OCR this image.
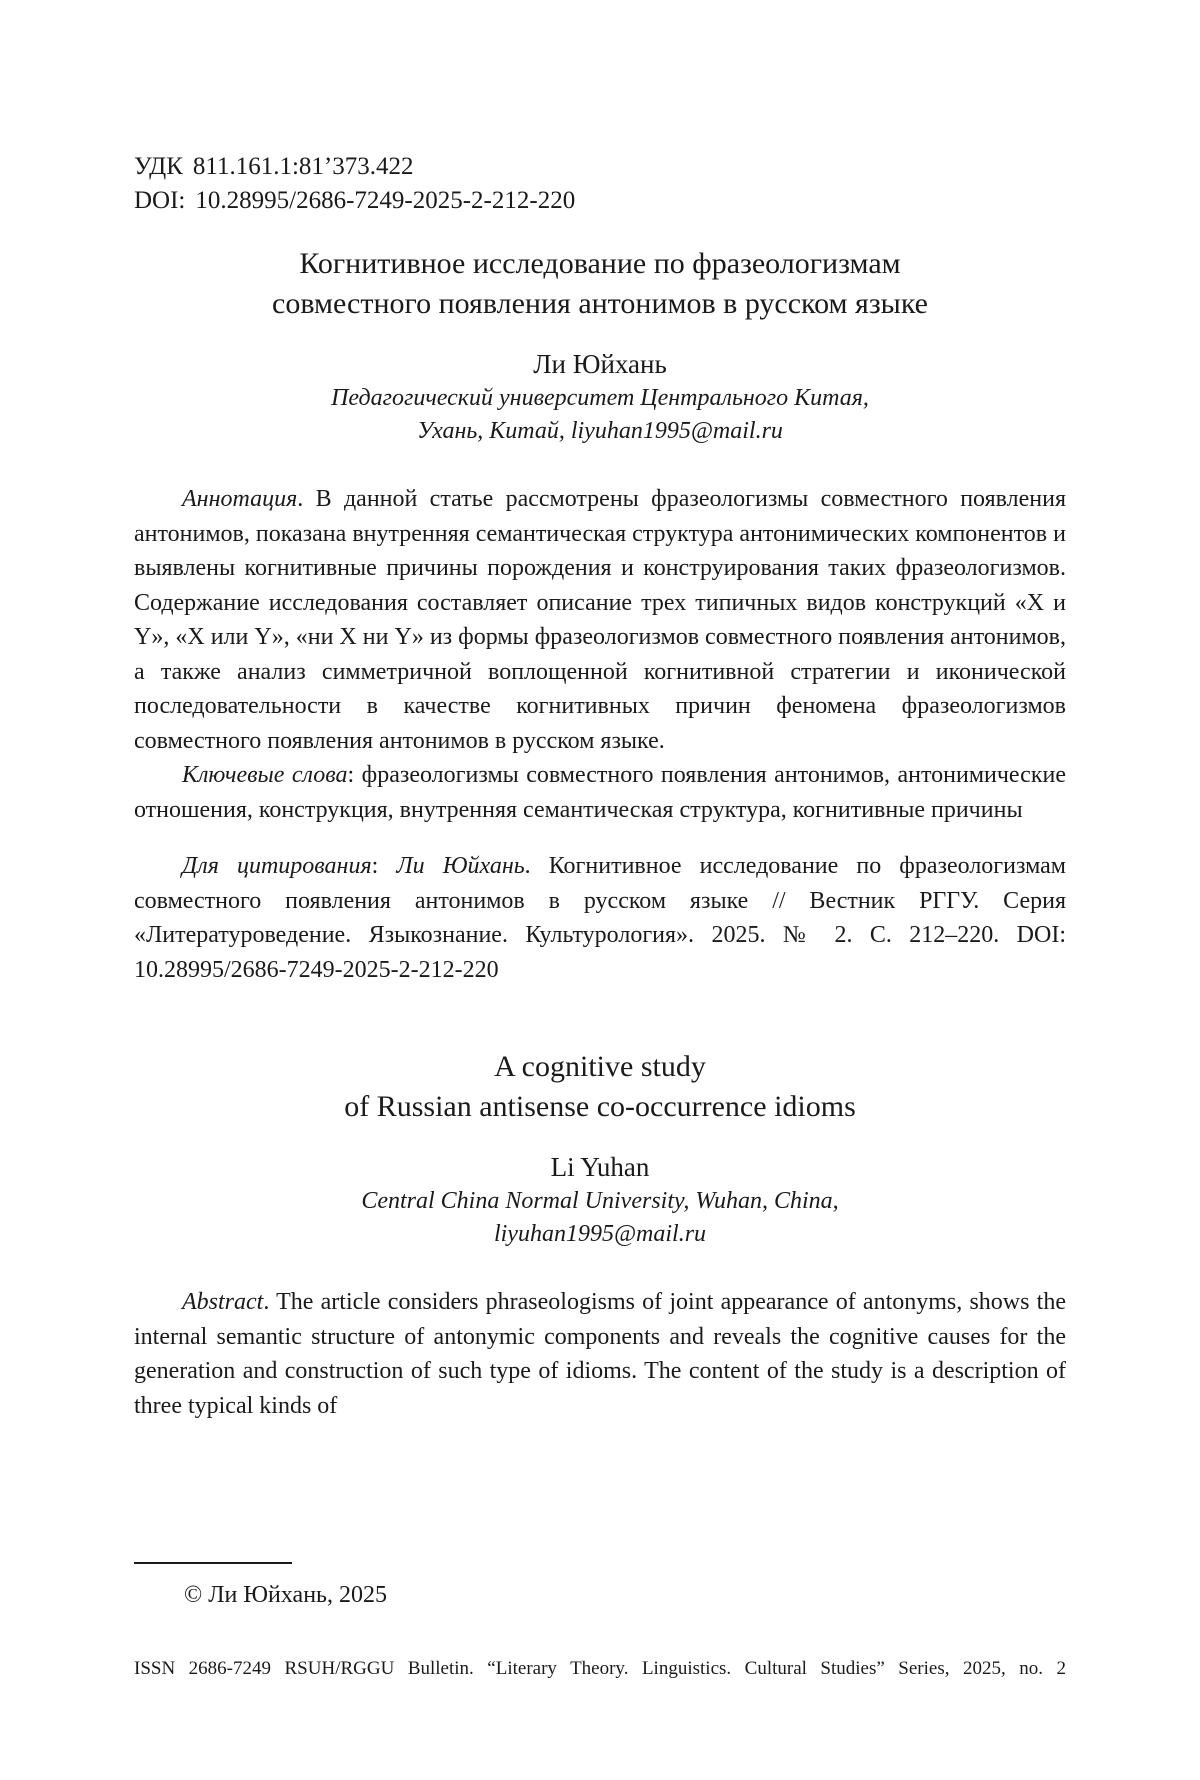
УДК 811.161.1:81’373.422
DOI: 10.28995/2686-7249-2025-2-212-220
Когнитивное исследование по фразеологизмам
совместного появления антонимов в русском языке
Ли Юйхань
Педагогический университет Центрального Китая,
Ухань, Китай, liyuhan1995@mail.ru

Аннотация. В данной статье рассмотрены фразеологизмы совместного появления антонимов, показана внутренняя семантическая структура антонимических компонентов и выявлены когнитивные причины порождения и конструирования таких фразеологизмов. Содержание исследования составляет описание трех типичных видов конструкций «X и Y», «X или Y», «ни X ни Y» из формы фразеологизмов совместного появления антонимов, а также анализ симметричной воплощенной когнитивной стратегии и иконической последовательности в качестве когнитивных причин феномена фразеологизмов совместного появления антонимов в русском языке.

Ключевые слова: фразеологизмы совместного появления антонимов, антонимические отношения, конструкция, внутренняя семантическая структура, когнитивные причины

Для цитирования: Ли Юйхань. Когнитивное исследование по фразеологизмам совместного появления антонимов в русском языке // Вестник РГГУ. Серия «Литературоведение. Языкознание. Культурология». 2025. № 2. С. 212–220. DOI: 10.28995/2686-7249-2025-2-212-220

A cognitive study
of Russian antisense co-occurrence idioms
Li Yuhan
Central China Normal University, Wuhan, China,
liyuhan1995@mail.ru

Abstract. The article considers phraseologisms of joint appearance of antonyms, shows the internal semantic structure of antonymic components and reveals the cognitive causes for the generation and construction of such type of idioms. The content of the study is a description of three typical kinds of

© Ли Юйхань, 2025
ISSN 2686-7249 RSUH/RGGU Bulletin. “Literary Theory. Linguistics. Cultural Studies” Series, 2025, no. 2
